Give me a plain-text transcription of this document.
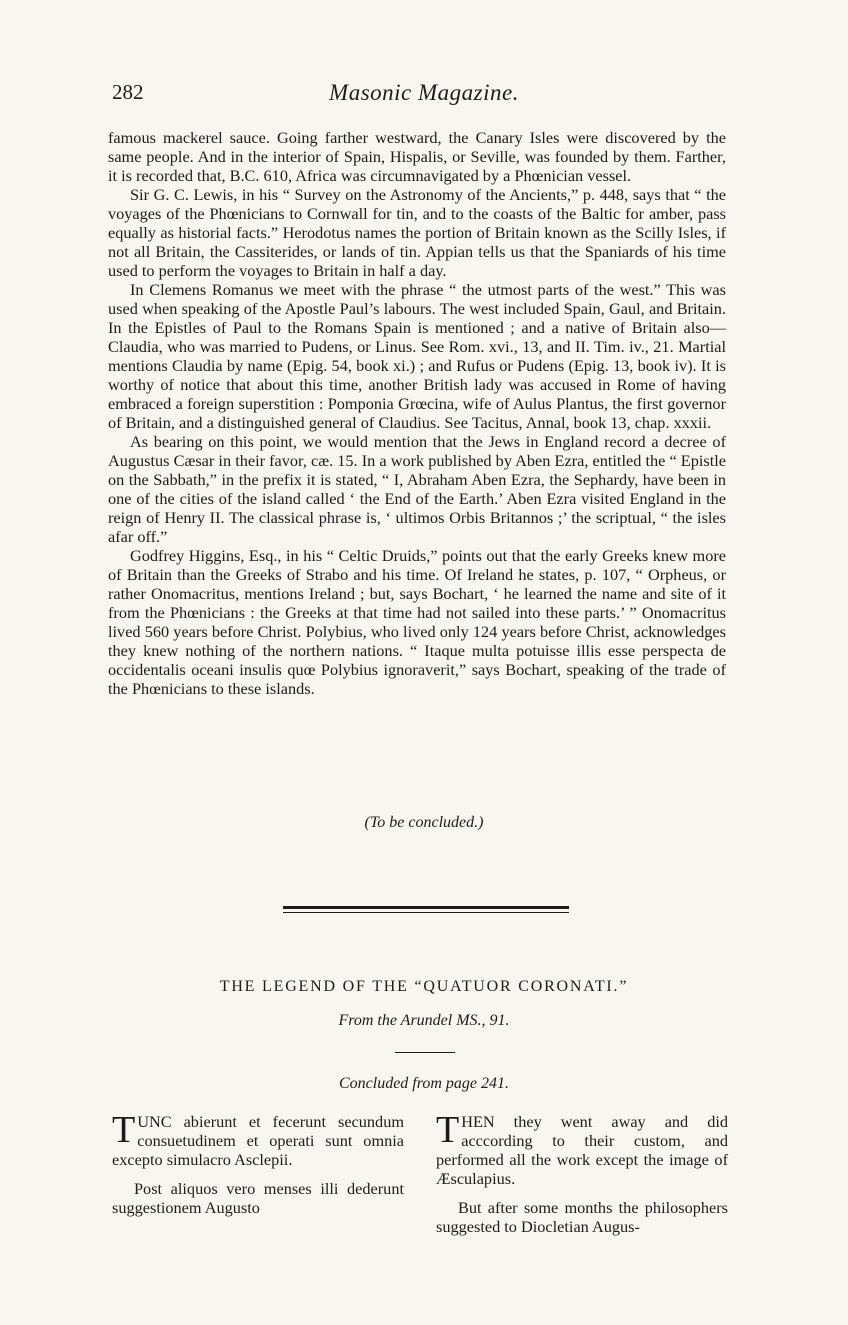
282	Masonic Magazine.

famous mackerel sauce. Going farther westward, the Canary Isles were discovered by the same people. And in the interior of Spain, Hispalis, or Seville, was founded by them. Farther, it is recorded that, B.C. 610, Africa was circumnavigated by a Phœnician vessel.

Sir G. C. Lewis, in his “ Survey on the Astronomy of the Ancients,” p. 448, says that “ the voyages of the Phœnicians to Cornwall for tin, and to the coasts of the Baltic for amber, pass equally as historial facts.” Herodotus names the portion of Britain known as the Scilly Isles, if not all Britain, the Cassiterides, or lands of tin. Appian tells us that the Spaniards of his time used to perform the voyages to Britain in half a day.

In Clemens Romanus we meet with the phrase “ the utmost parts of the west.” This was used when speaking of the Apostle Paul’s labours. The west included Spain, Gaul, and Britain. In the Epistles of Paul to the Romans Spain is mentioned ; and a native of Britain also—Claudia, who was married to Pudens, or Linus. See Rom. xvi., 13, and II. Tim. iv., 21. Martial mentions Claudia by name (Epig. 54, book xi.) ; and Rufus or Pudens (Epig. 13, book iv). It is worthy of notice that about this time, another British lady was accused in Rome of having embraced a foreign superstition : Pomponia Grœcina, wife of Aulus Plantus, the first governor of Britain, and a distinguished general of Claudius. See Tacitus, Annal, book 13, chap. xxxii.

As bearing on this point, we would mention that the Jews in England record a decree of Augustus Cæsar in their favor, cæ. 15. In a work published by Aben Ezra, entitled the “ Epistle on the Sabbath,” in the prefix it is stated, “ I, Abraham Aben Ezra, the Sephardy, have been in one of the cities of the island called ‘ the End of the Earth.’ Aben Ezra visited England in the reign of Henry II. The classical phrase is, ‘ ultimos Orbis Britannos ;’ the scriptual, “ the isles afar off.”

Godfrey Higgins, Esq., in his “ Celtic Druids,” points out that the early Greeks knew more of Britain than the Greeks of Strabo and his time. Of Ireland he states, p. 107, “ Orpheus, or rather Onomacritus, mentions Ireland ; but, says Bochart, ‘ he learned the name and site of it from the Phœnicians : the Greeks at that time had not sailed into these parts.’ ” Onomacritus lived 560 years before Christ. Polybius, who lived only 124 years before Christ, acknowledges they knew nothing of the northern nations. “ Itaque multa potuisse illis esse perspecta de occidentalis oceani insulis quœ Polybius ignoraverit,” says Bochart, speaking of the trade of the Phœnicians to these islands.

(To be concluded.)
THE LEGEND OF THE “QUATUOR CORONATI.”
From the Arundel MS., 91.
Concluded from page 241.

TUNC abierunt et fecerunt secundum consuetudinem et operati sunt omnia excepto simulacro Asclepii.

Post aliquos vero menses illi dederunt suggestionem Augusto

THEN they went away and did acccording to their custom, and performed all the work except the image of Æsculapius.

But after some months the philosophers suggested to Diocletian Augus-
